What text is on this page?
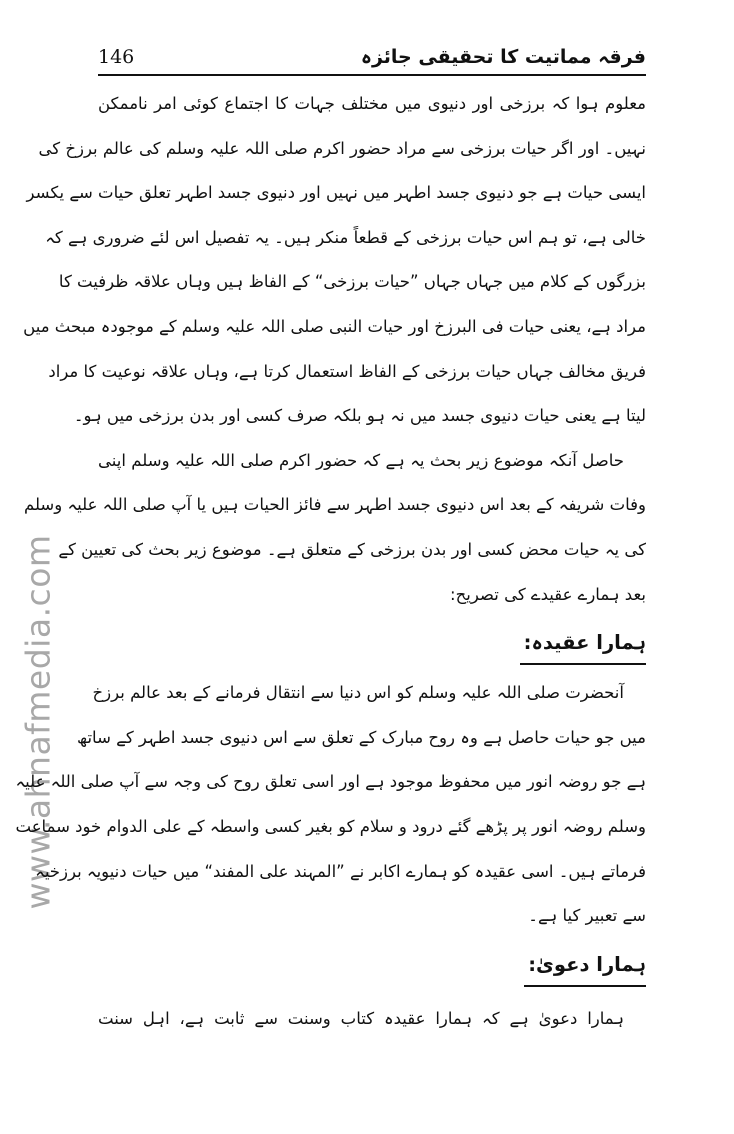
146	فرقہ مماتیت کا تحقیقی جائزہ
www.ahnafmedia.com
معلوم ہوا کہ برزخی اور دنیوی میں مختلف جہات کا اجتماع کوئی امر ناممکن
نہیں۔ اور اگر حیات برزخی سے مراد حضور اکرم صلی اللہ علیہ وسلم کی عالم برزخ کی
ایسی حیات ہے جو دنیوی جسد اطہر میں نہیں اور دنیوی جسد اطہر تعلق حیات سے یکسر
خالی ہے، تو ہم اس حیات برزخی کے قطعاً منکر ہیں۔ یہ تفصیل اس لئے ضروری ہے کہ
بزرگوں کے کلام میں جہاں جہاں ”حیات برزخی“ کے الفاظ ہیں وہاں علاقہ ظرفیت کا
مراد ہے، یعنی حیات فی البرزخ اور حیات النبی صلی اللہ علیہ وسلم کے موجودہ مبحث میں
فریق مخالف جہاں حیات برزخی کے الفاظ استعمال کرتا ہے، وہاں علاقہ نوعیت کا مراد
لیتا ہے یعنی حیات دنیوی جسد میں نہ ہو بلکہ صرف کسی اور بدن برزخی میں ہو۔
حاصل آنکہ موضوع زیر بحث یہ ہے کہ حضور اکرم صلی اللہ علیہ وسلم اپنی
وفات شریفہ کے بعد اس دنیوی جسد اطہر سے فائز الحیات ہیں یا آپ صلی اللہ علیہ وسلم
کی یہ حیات محض کسی اور بدن برزخی کے متعلق ہے۔ موضوع زیر بحث کی تعیین کے
بعد ہمارے عقیدے کی تصریح:
ہمارا عقیدہ:
آنحضرت صلی اللہ علیہ وسلم کو اس دنیا سے انتقال فرمانے کے بعد عالم برزخ
میں جو حیات حاصل ہے وہ روح مبارک کے تعلق سے اس دنیوی جسد اطہر کے ساتھ
ہے جو روضہ انور میں محفوظ موجود ہے اور اسی تعلق روح کی وجہ سے آپ صلی اللہ علیہ
وسلم روضہ انور پر پڑھے گئے درود و سلام کو بغیر کسی واسطہ کے علی الدوام خود سماعت
فرماتے ہیں۔ اسی عقیدہ کو ہمارے اکابر نے ”المہند علی المفند“ میں حیات دنیویہ برزخیہ
سے تعبیر کیا ہے۔
ہمارا دعویٰ:
ہمارا دعویٰ ہے کہ ہمارا عقیدہ کتاب وسنت سے ثابت ہے، اہل سنت
